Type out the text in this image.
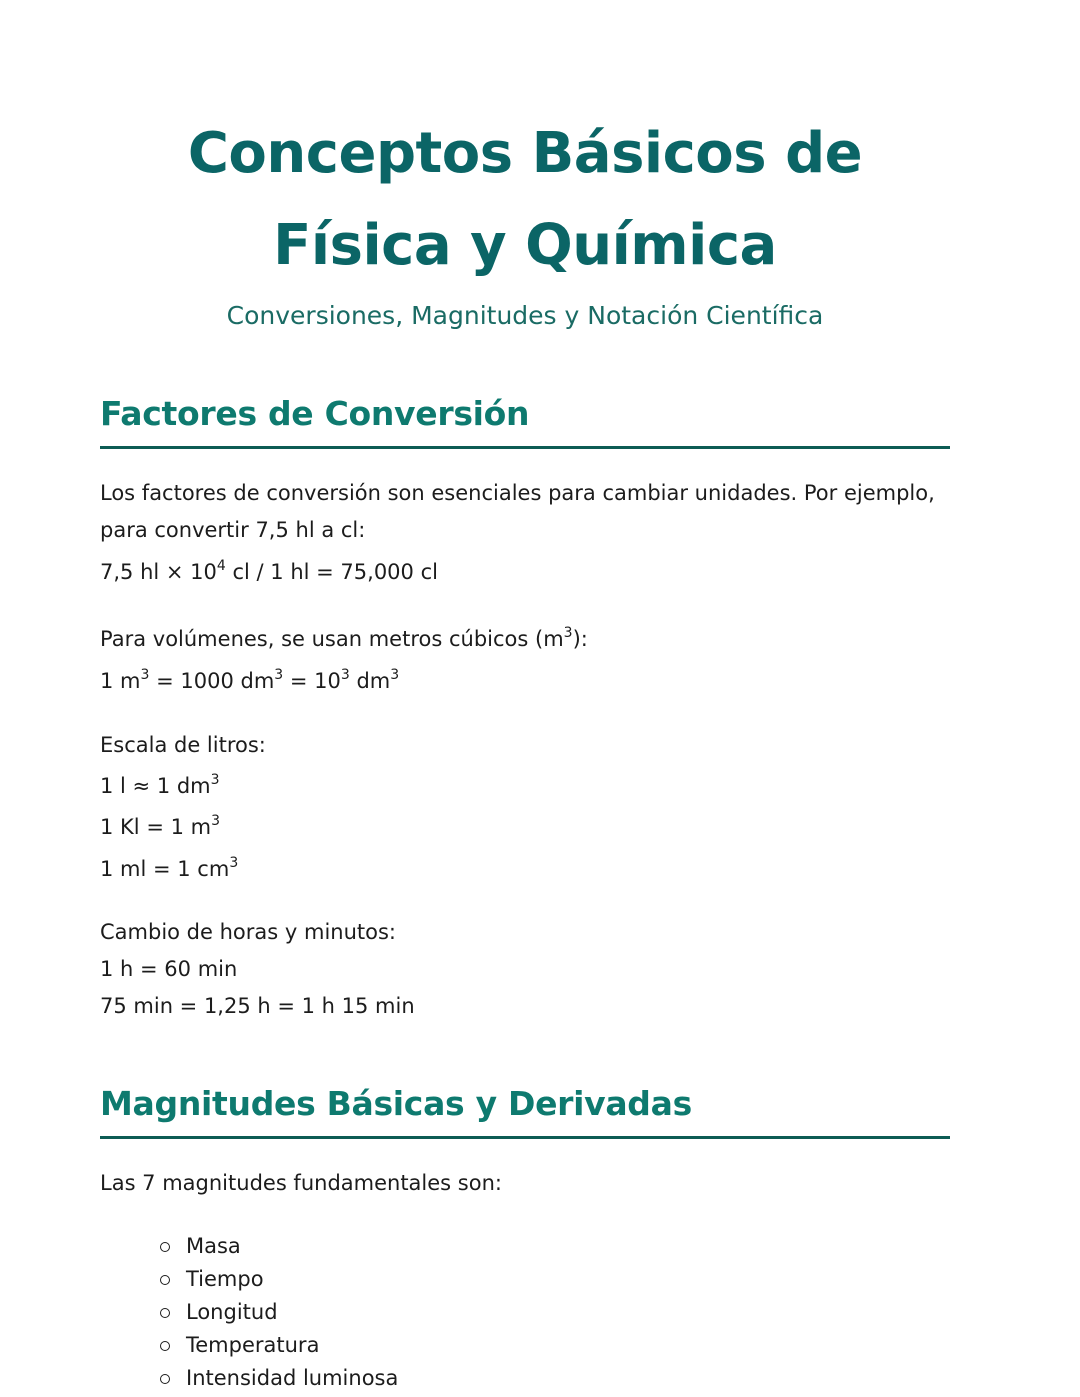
Conceptos Básicos de
Física y Química
Conversiones, Magnitudes y Notación Científica
Factores de Conversión
Los factores de conversión son esenciales para cambiar unidades. Por ejemplo, para convertir 7,5 hl a cl:
7,5 hl × $10^4$ cl / 1 hl = 75,000 cl
Para volúmenes, se usan metros cúbicos $(m^3)$:
1 $m^3 = 1000$ $dm^3 = 10^3$ $dm^3$
Escala de litros:
1 l ≈ 1 $dm^3$
1 Kl = 1 $m^3$
1 ml = 1 $cm^3$
Cambio de horas y minutos:
1 h = 60 min
75 min = 1,25 h = 1 h 15 min
Magnitudes Básicas y Derivadas
Las 7 magnitudes fundamentales son:
Masa
Tiempo
Longitud
Temperatura
Intensidad luminosa
